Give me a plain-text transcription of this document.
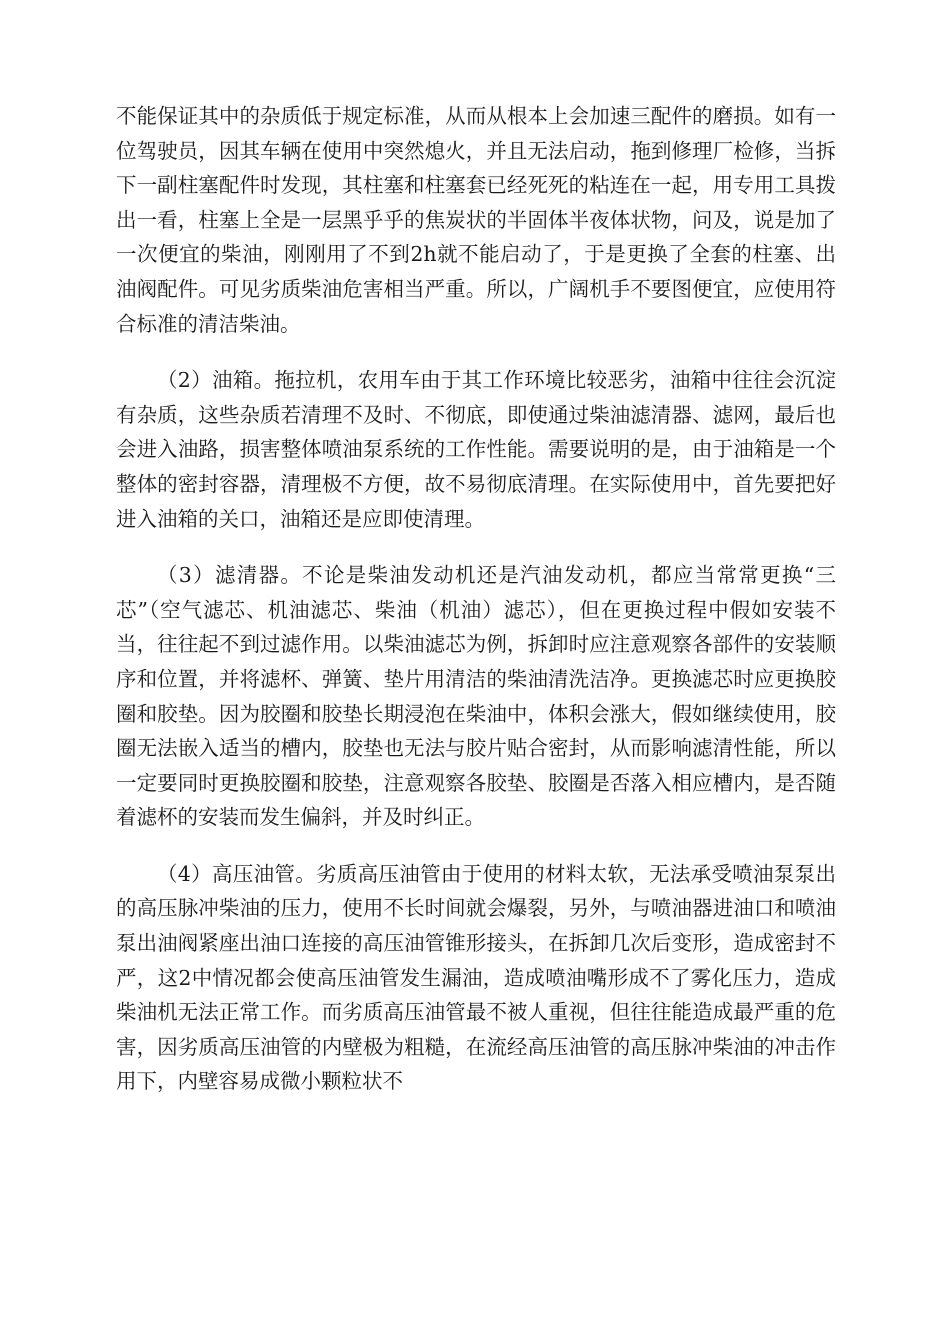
不能保证其中的杂质低于规定标准，从而从根本上会加速三配件的磨损。如有一位驾驶员，因其车辆在使用中突然熄火，并且无法启动，拖到修理厂检修，当拆下一副柱塞配件时发现，其柱塞和柱塞套已经死死的粘连在一起，用专用工具拨出一看，柱塞上全是一层黑乎乎的焦炭状的半固体半夜体状物，问及，说是加了一次便宜的柴油，刚刚用了不到2h就不能启动了，于是更换了全套的柱塞、出油阀配件。可见劣质柴油危害相当严重。所以，广阔机手不要图便宜，应使用符合标准的清洁柴油。

（2）油箱。拖拉机，农用车由于其工作环境比较恶劣，油箱中往往会沉淀有杂质，这些杂质若清理不及时、不彻底，即使通过柴油滤清器、滤网，最后也会进入油路，损害整体喷油泵系统的工作性能。需要说明的是，由于油箱是一个整体的密封容器，清理极不方便，故不易彻底清理。在实际使用中，首先要把好进入油箱的关口，油箱还是应即使清理。

（3）滤清器。不论是柴油发动机还是汽油发动机，都应当常常更换“三芯”（空气滤芯、机油滤芯、柴油（机油）滤芯），但在更换过程中假如安装不当，往往起不到过滤作用。以柴油滤芯为例，拆卸时应注意观察各部件的安装顺序和位置，并将滤杯、弹簧、垫片用清洁的柴油清洗洁净。更换滤芯时应更换胶圈和胶垫。因为胶圈和胶垫长期浸泡在柴油中，体积会涨大，假如继续使用，胶圈无法嵌入适当的槽内，胶垫也无法与胶片贴合密封，从而影响滤清性能，所以一定要同时更换胶圈和胶垫，注意观察各胶垫、胶圈是否落入相应槽内，是否随着滤杯的安装而发生偏斜，并及时纠正。

（4）高压油管。劣质高压油管由于使用的材料太软，无法承受喷油泵泵出的高压脉冲柴油的压力，使用不长时间就会爆裂，另外，与喷油器进油口和喷油泵出油阀紧座出油口连接的高压油管锥形接头，在拆卸几次后变形，造成密封不严，这2中情况都会使高压油管发生漏油，造成喷油嘴形成不了雾化压力，造成柴油机无法正常工作。而劣质高压油管最不被人重视，但往往能造成最严重的危害，因劣质高压油管的内壁极为粗糙，在流经高压油管的高压脉冲柴油的冲击作用下，内壁容易成微小颗粒状不
